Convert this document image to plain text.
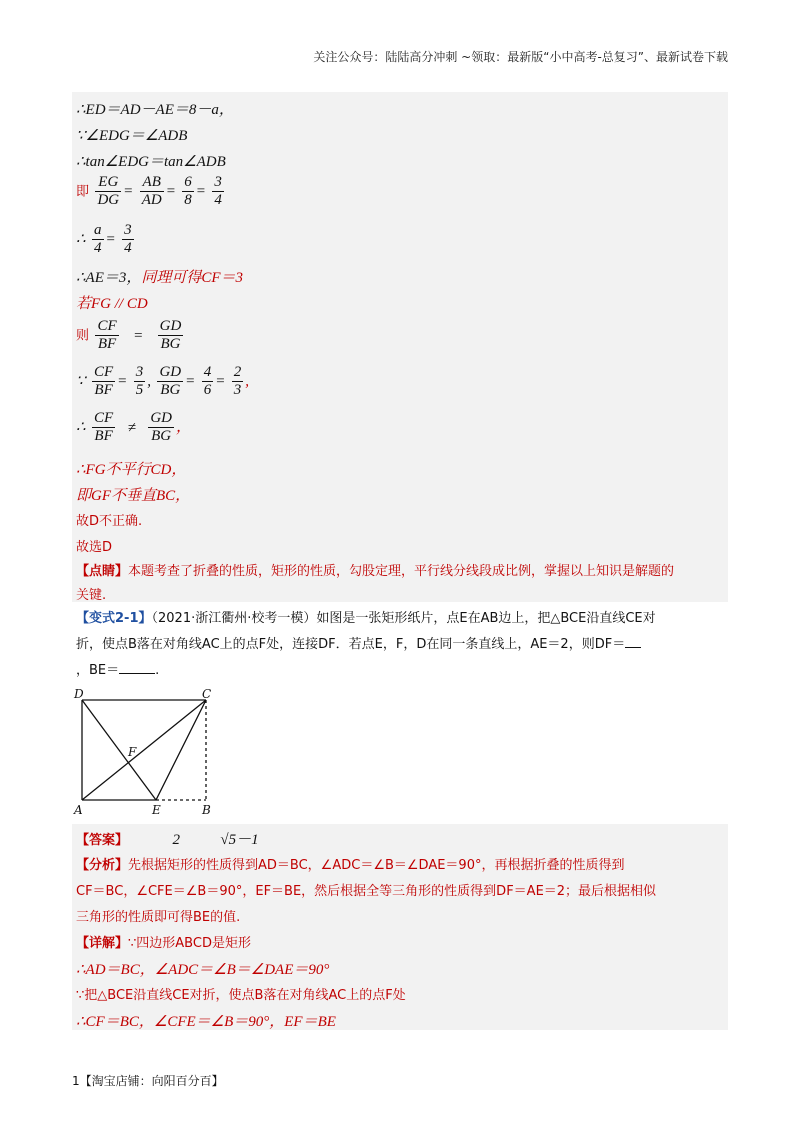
关注公众号：陆陆高分冲刺 ~领取：最新版“小中高考-总复习”、最新试卷下载
∴ED＝AD－AE＝8－a，
∵∠EDG＝∠ADB
∴tan∠EDG＝tan∠ADB
即 $\frac{EG}{DG} = \frac{AB}{AD} = \frac{6}{8} = \frac{3}{4}$
∴ $\frac{a}{4} = \frac{3}{4}$
∴AE＝3，同理可得CF＝3
若FG // CD
则 $\frac{CF}{BF} = \frac{GD}{BG}$
∵ $\frac{CF}{BF} = \frac{3}{5}$ , $\frac{GD}{BG} = \frac{4}{6} = \frac{2}{3}$ ,
∴ $\frac{CF}{BF} \ne \frac{GD}{BG}$ ，
∴FG不平行CD，
即GF不垂直BC，
故D不正确.
故选D
【点睛】本题考查了折叠的性质，矩形的性质，勾股定理，平行线分线段成比例，掌握以上知识是解题的
关键.
【变式2-1】（2021·浙江衢州·校考一模）如图是一张矩形纸片，点E在AB边上，把△BCE沿直线CE对
折，使点B落在对角线AC上的点F处，连接DF．若点E，F，D在同一条直线上，AE＝2，则DF＝
，BE＝	.
D	C
F
A	E	B
【答案】	2	√5－1
【分析】先根据矩形的性质得到AD＝BC，∠ADC＝∠B＝∠DAE＝90°，再根据折叠的性质得到
CF＝BC，∠CFE＝∠B＝90°，EF＝BE，然后根据全等三角形的性质得到DF＝AE＝2；最后根据相似
三角形的性质即可得BE的值.
【详解】∵四边形ABCD是矩形
∴AD＝BC，∠ADC＝∠B＝∠DAE＝90°
∵把△BCE沿直线CE对折，使点B落在对角线AC上的点F处
∴CF＝BC，∠CFE＝∠B＝90°，EF＝BE
1【淘宝店铺：向阳百分百】
